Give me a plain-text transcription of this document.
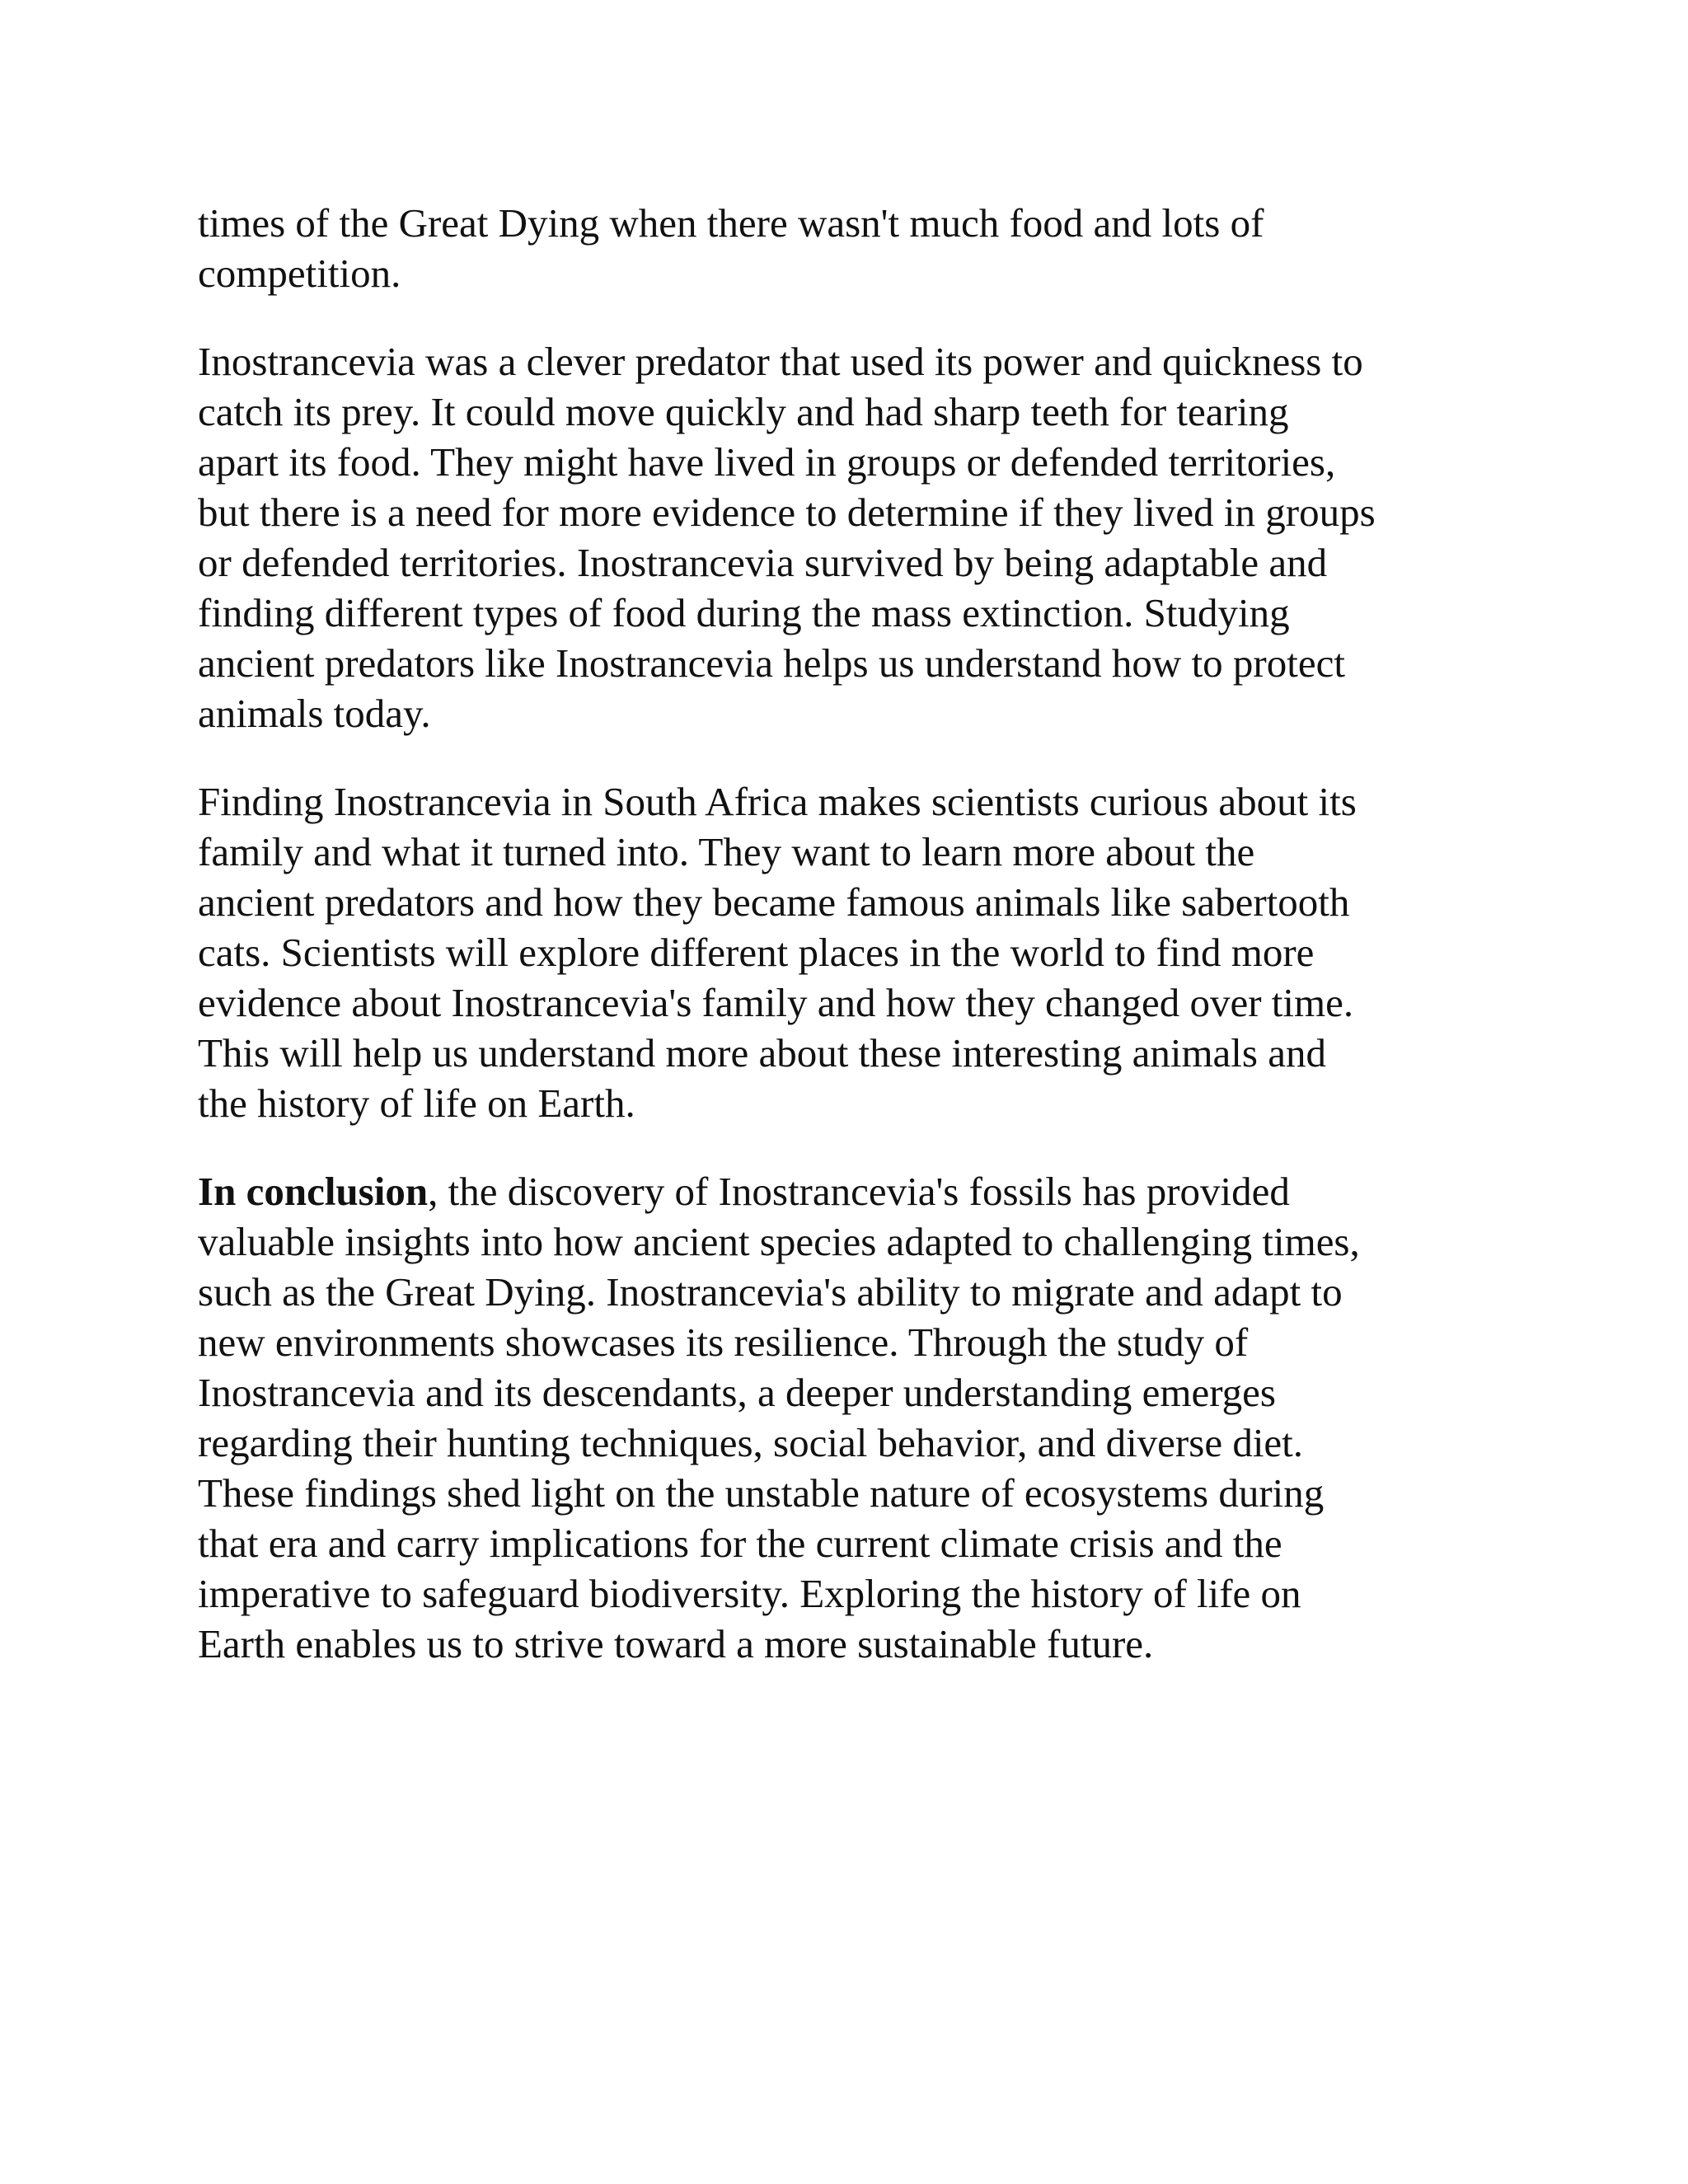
times of the Great Dying when there wasn't much food and lots of
competition.

Inostrancevia was a clever predator that used its power and quickness to
catch its prey. It could move quickly and had sharp teeth for tearing
apart its food. They might have lived in groups or defended territories,
but there is a need for more evidence to determine if they lived in groups
or defended territories. Inostrancevia survived by being adaptable and
finding different types of food during the mass extinction. Studying
ancient predators like Inostrancevia helps us understand how to protect
animals today.

Finding Inostrancevia in South Africa makes scientists curious about its
family and what it turned into. They want to learn more about the
ancient predators and how they became famous animals like sabertooth
cats. Scientists will explore different places in the world to find more
evidence about Inostrancevia's family and how they changed over time.
This will help us understand more about these interesting animals and
the history of life on Earth.

In conclusion, the discovery of Inostrancevia's fossils has provided
valuable insights into how ancient species adapted to challenging times,
such as the Great Dying. Inostrancevia's ability to migrate and adapt to
new environments showcases its resilience. Through the study of
Inostrancevia and its descendants, a deeper understanding emerges
regarding their hunting techniques, social behavior, and diverse diet.
These findings shed light on the unstable nature of ecosystems during
that era and carry implications for the current climate crisis and the
imperative to safeguard biodiversity. Exploring the history of life on
Earth enables us to strive toward a more sustainable future.
